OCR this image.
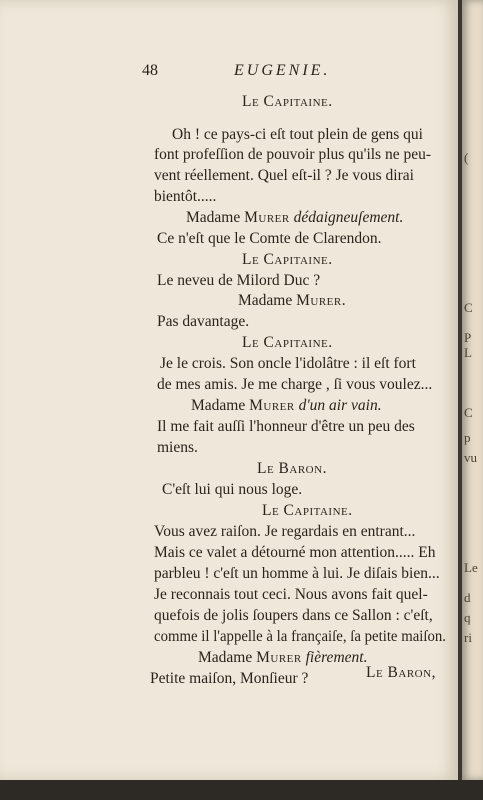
(
C
P
L
C
p
vu
Le
d
q
ri
48	EUGENIE.
Le Capitaine.
Oh ! ce pays-ci eſt tout plein de gens qui
font profeſſion de pouvoir plus qu'ils ne peu-
vent réellement. Quel eſt-il ? Je vous dirai
bientôt.....
Madame Murer dédaigneuſement.
Ce n'eſt que le Comte de Clarendon.
Le Capitaine.
Le neveu de Milord Duc ?
Madame Murer.
Pas davantage.
Le Capitaine.
Je le crois. Son oncle l'idolâtre : il eſt fort
de mes amis. Je me charge , ſi vous voulez...
Madame Murer d'un air vain.
Il me fait auſſi l'honneur d'être un peu des
miens.
Le Baron.
C'eſt lui qui nous loge.
Le Capitaine.
Vous avez raiſon. Je regardais en entrant...
Mais ce valet a détourné mon attention..... Eh
parbleu ! c'eſt un homme à lui. Je diſais bien...
Je reconnais tout ceci. Nous avons fait quel-
quefois de jolis ſoupers dans ce Sallon : c'eſt,
comme il l'appelle à la françaiſe, ſa petite maiſon.
Madame Murer fièrement.
Petite maiſon, Monſieur ?	Le Baron,
